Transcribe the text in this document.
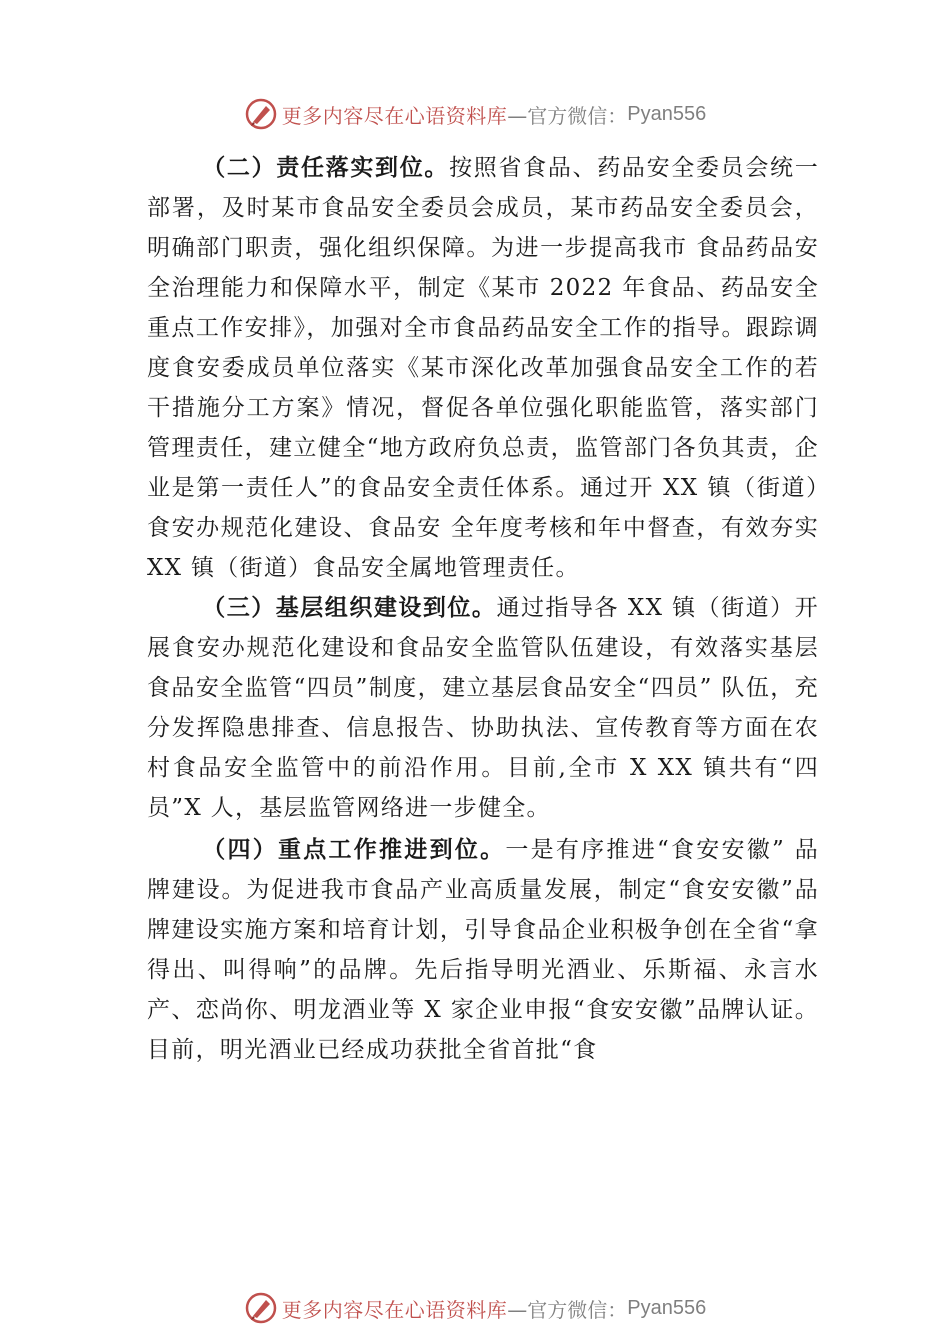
更多内容尽在心语资料库 —官方微信： Pyan556

（二）责任落实到位。按照省食品、药品安全委员会统一部署，及时某市食品安全委员会成员，某市药品安全委员会，明确部门职责，强化组织保障。为进一步提高我市 食品药品安全治理能力和保障水平，制定《某市 2022 年食品、药品安全重点工作安排》，加强对全市食品药品安全工作的指导。跟踪调度食安委成员单位落实《某市深化改革加强食品安全工作的若干措施分工方案》情况，督促各单位强化职能监管，落实部门管理责任，建立健全“地方政府负总责，监管部门各负其责，企业是第一责任人”的食品安全责任体系。通过开 XX 镇（街道）食安办规范化建设、食品安 全年度考核和年中督查，有效夯实 XX 镇（街道）食品安全属地管理责任。

（三）基层组织建设到位。通过指导各 XX 镇（街道）开展食安办规范化建设和食品安全监管队伍建设，有效落实基层食品安全监管“四员”制度，建立基层食品安全“四员” 队伍，充分发挥隐患排查、信息报告、协助执法、宣传教育等方面在农村食品安全监管中的前沿作用。目前,全市 X XX 镇共有“四员”X 人，基层监管网络进一步健全。

（四）重点工作推进到位。一是有序推进“食安安徽” 品牌建设。为促进我市食品产业高质量发展，制定“食安安徽”品牌建设实施方案和培育计划，引导食品企业积极争创在全省“拿得出、叫得响”的品牌。先后指导明光酒业、乐斯福、永言水产、恋尚你、明龙酒业等 X 家企业申报“食安安徽”品牌认证。目前，明光酒业已经成功获批全省首批“食

更多内容尽在心语资料库 —官方微信： Pyan556
